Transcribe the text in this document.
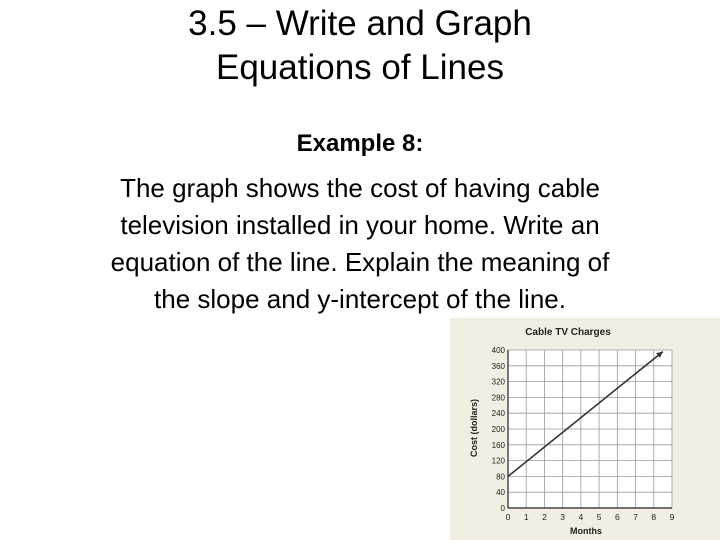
3.5 – Write and Graph
Equations of Lines
Example 8:
The graph shows the cost of having cable
television installed in your home. Write an
equation of the line. Explain the meaning of
the slope and y-intercept of the line.
Cable TV Charges
Cost (dollars)
Months
0 1 2 3 4 5 6 7 8 9
0
40
80
120
160
200
240
280
320
360
400
